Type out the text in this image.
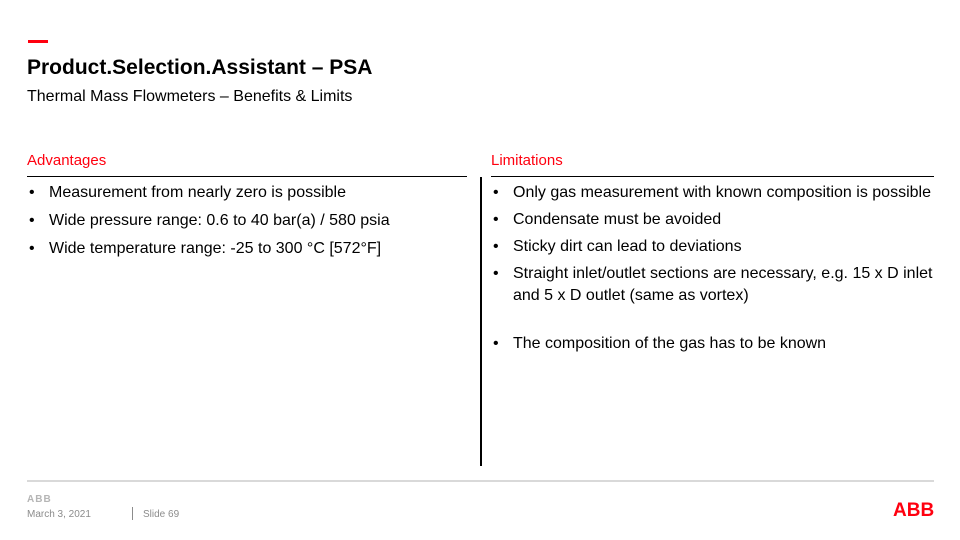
Product.Selection.Assistant – PSA
Thermal Mass Flowmeters – Benefits & Limits
Advantages
• Measurement from nearly zero is possible
• Wide pressure range: 0.6 to 40 bar(a) / 580 psia
• Wide temperature range: -25 to 300 °C [572°F]
Limitations
• Only gas measurement with known composition is possible
• Condensate must be avoided
• Sticky dirt can lead to deviations
• Straight inlet/outlet sections are necessary, e.g. 15 x D inlet and 5 x D outlet (same as vortex)
• The composition of the gas has to be known
ABB
March 3, 2021	Slide 69	ABB
